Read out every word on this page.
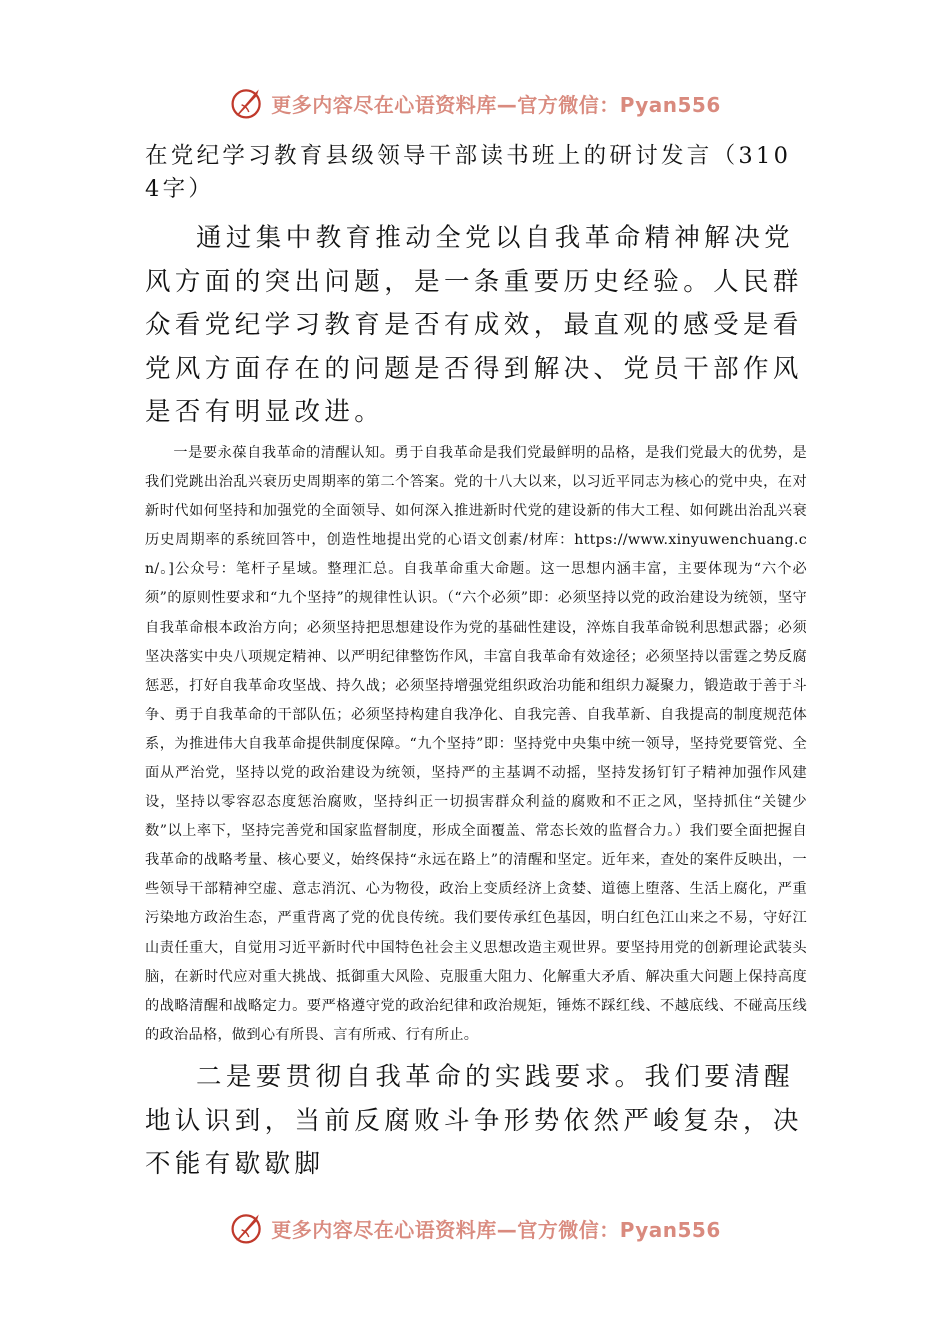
更多内容尽在心语资料库—官方微信：Pyan556

在党纪学习教育县级领导干部读书班上的研讨发言（3104字）

通过集中教育推动全党以自我革命精神解决党风方面的突出问题，是一条重要历史经验。人民群众看党纪学习教育是否有成效，最直观的感受是看党风方面存在的问题是否得到解决、党员干部作风是否有明显改进。

一是要永葆自我革命的清醒认知。勇于自我革命是我们党最鲜明的品格，是我们党最大的优势，是我们党跳出治乱兴衰历史周期率的第二个答案。党的十八大以来，以习近平同志为核心的党中央，在对新时代如何坚持和加强党的全面领导、如何深入推进新时代党的建设新的伟大工程、如何跳出治乱兴衰历史周期率的系统回答中，创造性地提出党的心语文创素/材库：https://www.xinyuwenchuang.cn/。]公众号：笔杆子星域。整理汇总。自我革命重大命题。这一思想内涵丰富，主要体现为“六个必须”的原则性要求和“九个坚持”的规律性认识。（“六个必须”即：必须坚持以党的政治建设为统领，坚守自我革命根本政治方向；必须坚持把思想建设作为党的基础性建设，淬炼自我革命锐利思想武器；必须坚决落实中央八项规定精神、以严明纪律整饬作风，丰富自我革命有效途径；必须坚持以雷霆之势反腐惩恶，打好自我革命攻坚战、持久战；必须坚持增强党组织政治功能和组织力凝聚力，锻造敢于善于斗争、勇于自我革命的干部队伍；必须坚持构建自我净化、自我完善、自我革新、自我提高的制度规范体系，为推进伟大自我革命提供制度保障。“九个坚持”即：坚持党中央集中统一领导，坚持党要管党、全面从严治党，坚持以党的政治建设为统领，坚持严的主基调不动摇，坚持发扬钉钉子精神加强作风建设，坚持以零容忍态度惩治腐败，坚持纠正一切损害群众利益的腐败和不正之风，坚持抓住“关键少数”以上率下，坚持完善党和国家监督制度，形成全面覆盖、常态长效的监督合力。）我们要全面把握自我革命的战略考量、核心要义，始终保持“永远在路上”的清醒和坚定。近年来，查处的案件反映出，一些领导干部精神空虚、意志消沉、心为物役，政治上变质经济上贪婪、道德上堕落、生活上腐化，严重污染地方政治生态，严重背离了党的优良传统。我们要传承红色基因，明白红色江山来之不易，守好江山责任重大，自觉用习近平新时代中国特色社会主义思想改造主观世界。要坚持用党的创新理论武装头脑，在新时代应对重大挑战、抵御重大风险、克服重大阻力、化解重大矛盾、解决重大问题上保持高度的战略清醒和战略定力。要严格遵守党的政治纪律和政治规矩，锤炼不踩红线、不越底线、不碰高压线的政治品格，做到心有所畏、言有所戒、行有所止。

二是要贯彻自我革命的实践要求。我们要清醒地认识到，当前反腐败斗争形势依然严峻复杂，决不能有歇歇脚

更多内容尽在心语资料库—官方微信：Pyan556
